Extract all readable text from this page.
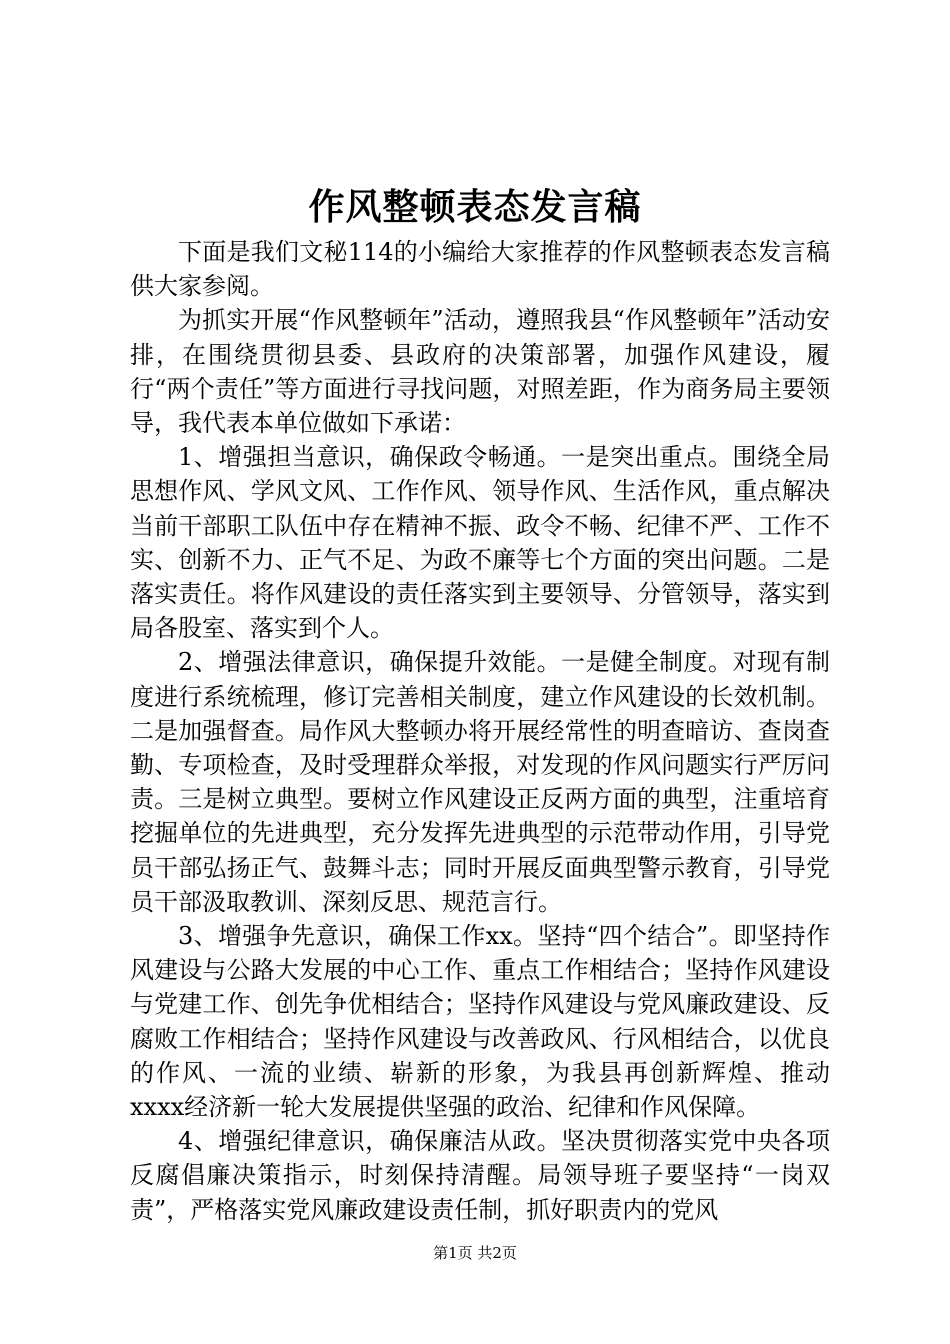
作风整顿表态发言稿

下面是我们文秘114的小编给大家推荐的作风整顿表态发言稿供大家参阅。

为抓实开展“作风整顿年”活动，遵照我县“作风整顿年”活动安排，在围绕贯彻县委、县政府的决策部署，加强作风建设，履行“两个责任”等方面进行寻找问题，对照差距，作为商务局主要领导，我代表本单位做如下承诺：

1、增强担当意识，确保政令畅通。一是突出重点。围绕全局思想作风、学风文风、工作作风、领导作风、生活作风，重点解决当前干部职工队伍中存在精神不振、政令不畅、纪律不严、工作不实、创新不力、正气不足、为政不廉等七个方面的突出问题。二是落实责任。将作风建设的责任落实到主要领导、分管领导，落实到局各股室、落实到个人。

2、增强法律意识，确保提升效能。一是健全制度。对现有制度进行系统梳理，修订完善相关制度，建立作风建设的长效机制。二是加强督查。局作风大整顿办将开展经常性的明查暗访、查岗查勤、专项检查，及时受理群众举报，对发现的作风问题实行严厉问责。三是树立典型。要树立作风建设正反两方面的典型，注重培育挖掘单位的先进典型，充分发挥先进典型的示范带动作用，引导党员干部弘扬正气、鼓舞斗志；同时开展反面典型警示教育，引导党员干部汲取教训、深刻反思、规范言行。

3、增强争先意识，确保工作xx。坚持“四个结合”。即坚持作风建设与公路大发展的中心工作、重点工作相结合；坚持作风建设与党建工作、创先争优相结合；坚持作风建设与党风廉政建设、反腐败工作相结合；坚持作风建设与改善政风、行风相结合，以优良的作风、一流的业绩、崭新的形象，为我县再创新辉煌、推动xxxx经济新一轮大发展提供坚强的政治、纪律和作风保障。

4、增强纪律意识，确保廉洁从政。坚决贯彻落实党中央各项反腐倡廉决策指示，时刻保持清醒。局领导班子要坚持“一岗双责”，严格落实党风廉政建设责任制，抓好职责内的党风

第1页 共2页
